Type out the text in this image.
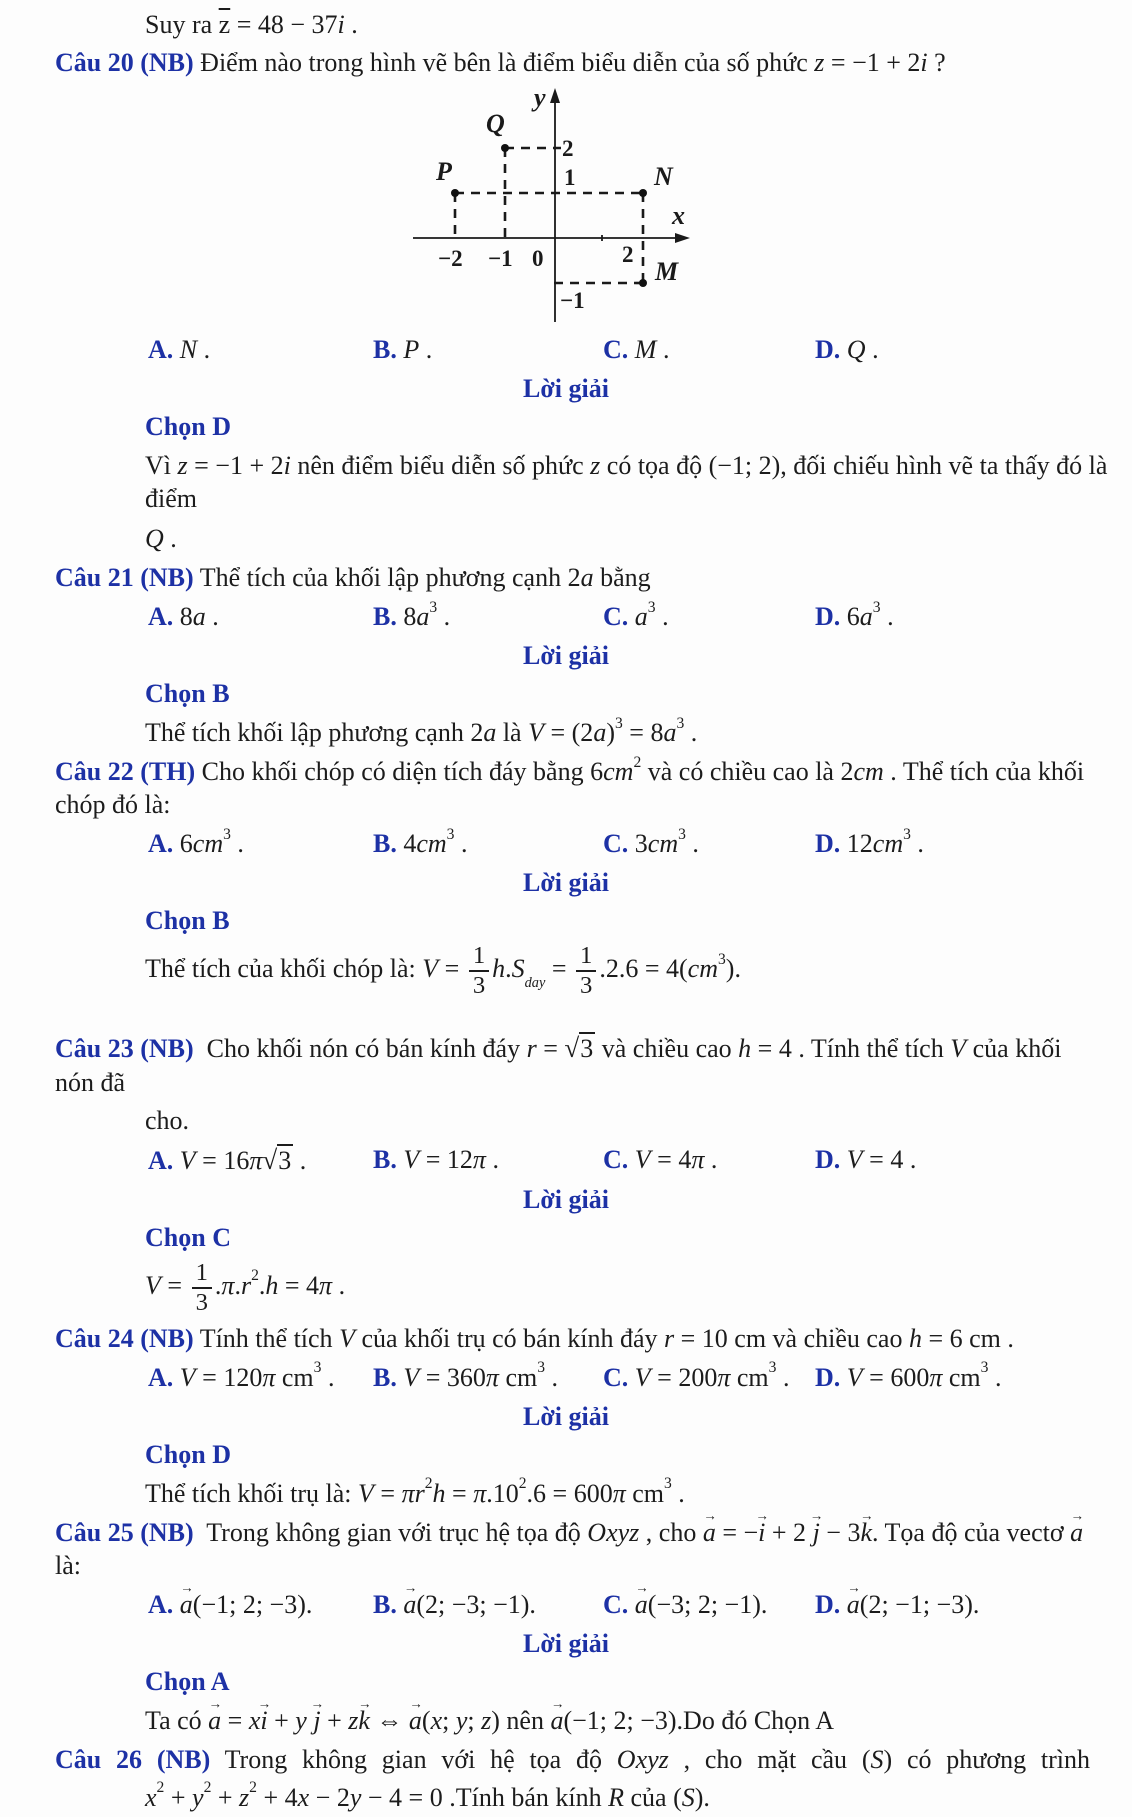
Suy ra $\overline{z} = 48 - 37i$ .

Câu 20 (NB) Điểm nào trong hình vẽ bên là điểm biểu diễn của số phức z = −1 + 2i ?

y
x
0
Q
P	N
M
−2 −1	2
2
1
−1
A. N .	B. P .	C. M .	D. Q .

Lời giải

Chọn D

Vì z = −1 + 2i nên điểm biểu diễn số phức z có tọa độ (−1; 2), đối chiếu hình vẽ ta thấy đó là điểm

Q .

Câu 21 (NB) Thể tích của khối lập phương cạnh 2a bằng

A. 8a .	B. $8a^3$ .	C. $a^3$ .	D. $6a^3$ .

Lời giải

Chọn B

Thể tích khối lập phương cạnh 2a là $V = (2a)^3 = 8a^3$ .

Câu 22 (TH) Cho khối chóp có diện tích đáy bằng $6cm^2$ và có chiều cao là 2cm . Thể tích của khối chóp đó là:

A. $6cm^3$ .	B. $4cm^3$ .	C. $3cm^3$ .	D. $12cm^3$ .

Lời giải

Chọn B

Thể tích của khối chóp là: $V = \frac{1}{3} h.S_{day} = \frac{1}{3} .2.6 = 4(cm^3)$.

Câu 23 (NB) Cho khối nón có bán kính đáy r = √3 và chiều cao h = 4 . Tính thể tích V của khối nón đã

cho.

A. V = 16π√3 .	B. V = 12π .	C. V = 4π .	D. V = 4 .

Lời giải

Chọn C

$V = \frac{1}{3} .\pi.r^2.h = 4\pi$ .

Câu 24 (NB) Tính thể tích V của khối trụ có bán kính đáy r = 10 cm và chiều cao h = 6 cm .

A. V = 120π $cm^3$ .	B. V = 360π $cm^3$ .	C. V = 200π $cm^3$ . D. V = 600π $cm^3$ .

Lời giải

Chọn D

Thể tích khối trụ là: $V = \pi r^2h = \pi.10^2.6 = 600\pi$ $cm^3$ .

Câu 25 (NB) Trong không gian với trục hệ tọa độ Oxyz , cho → a = −→ i + 2 → j − 3→ k. Tọa độ của vectơ → a là:

A. → a(−1; 2; −3).	B. → a(2; −3; −1).	C. → a(−3; 2; −1).	D. → a(2; −1; −3).

Lời giải

Chọn A

Ta có → a = x→ i + y → j + z→ k ⇔ → a(x; y; z) nên → a(−1; 2; −3).Do đó Chọn A

Câu 26 (NB) Trong không gian với hệ tọa độ Oxyz , cho mặt cầu (S) có phương trình

$x^2 + y^2 + z^2 + 4x - 2y - 4 = 0$ .Tính bán kính R của (S).
